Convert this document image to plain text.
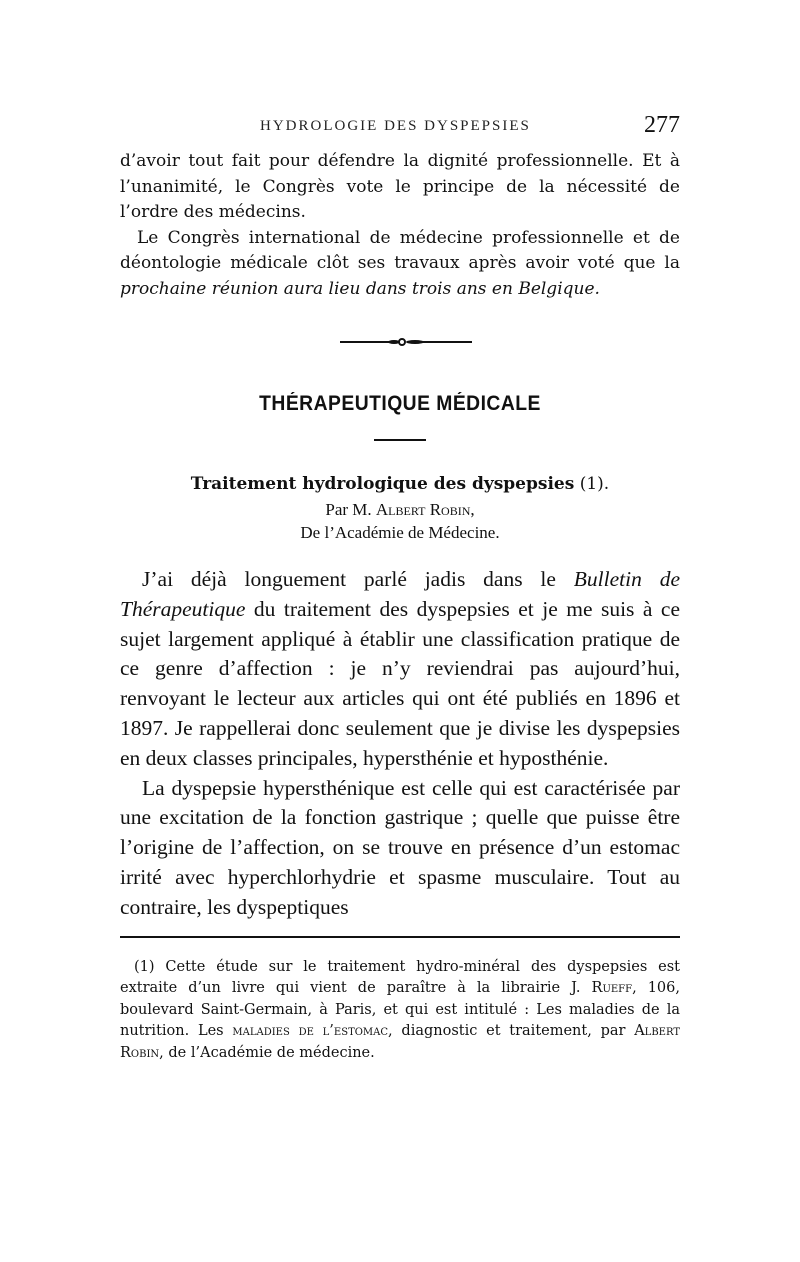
HYDROLOGIE DES DYSPEPSIES	277

d’avoir tout fait pour défendre la dignité professionnelle. Et à l’unanimité, le Congrès vote le principe de la nécessité de l’ordre des médecins.

Le Congrès international de médecine professionnelle et de déontologie médicale clôt ses travaux après avoir voté que la prochaine réunion aura lieu dans trois ans en Belgique.

THÉRAPEUTIQUE MÉDICALE
Traitement hydrologique des dyspepsies (1).
Par M. Albert Robin,
De l’Académie de Médecine.

J’ai déjà longuement parlé jadis dans le Bulletin de Thérapeutique du traitement des dyspepsies et je me suis à ce sujet largement appliqué à établir une classification pratique de ce genre d’affection : je n’y reviendrai pas aujourd’hui, renvoyant le lecteur aux articles qui ont été publiés en 1896 et 1897. Je rappellerai donc seulement que je divise les dyspepsies en deux classes principales, hypersthénie et hyposthénie.

La dyspepsie hypersthénique est celle qui est caractérisée par une excitation de la fonction gastrique ; quelle que puisse être l’origine de l’affection, on se trouve en présence d’un estomac irrité avec hyperchlorhydrie et spasme musculaire. Tout au contraire, les dyspeptiques

(1) Cette étude sur le traitement hydro-minéral des dyspepsies est extraite d’un livre qui vient de paraître à la librairie J. Rueff, 106, boulevard Saint-Germain, à Paris, et qui est intitulé : Les maladies de la nutrition. Les maladies de l’estomac, diagnostic et traitement, par Albert Robin, de l’Académie de médecine.
